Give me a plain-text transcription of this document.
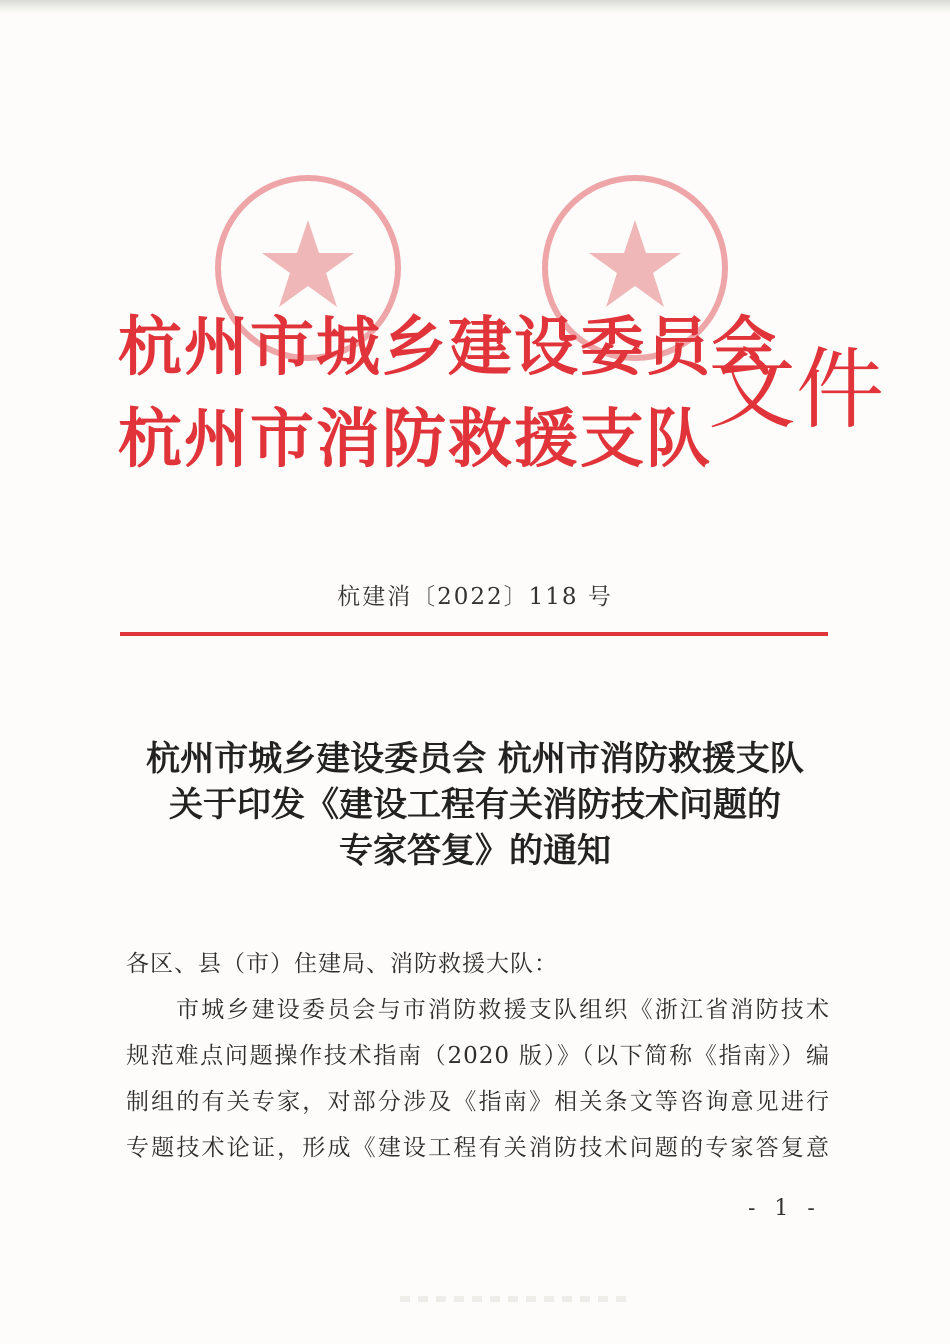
杭州市城乡建设委员会
杭州市消防救援支队
文件
杭建消〔2022〕118 号
杭州市城乡建设委员会 杭州市消防救援支队
关于印发《建设工程有关消防技术问题的
专家答复》的通知
各区、县（市）住建局、消防救援大队：
市城乡建设委员会与市消防救援支队组织《浙江省消防技术
规范难点问题操作技术指南（2020 版）》（以下简称《指南》）编
制组的有关专家，对部分涉及《指南》相关条文等咨询意见进行
专题技术论证，形成《建设工程有关消防技术问题的专家答复意
- 1 -
